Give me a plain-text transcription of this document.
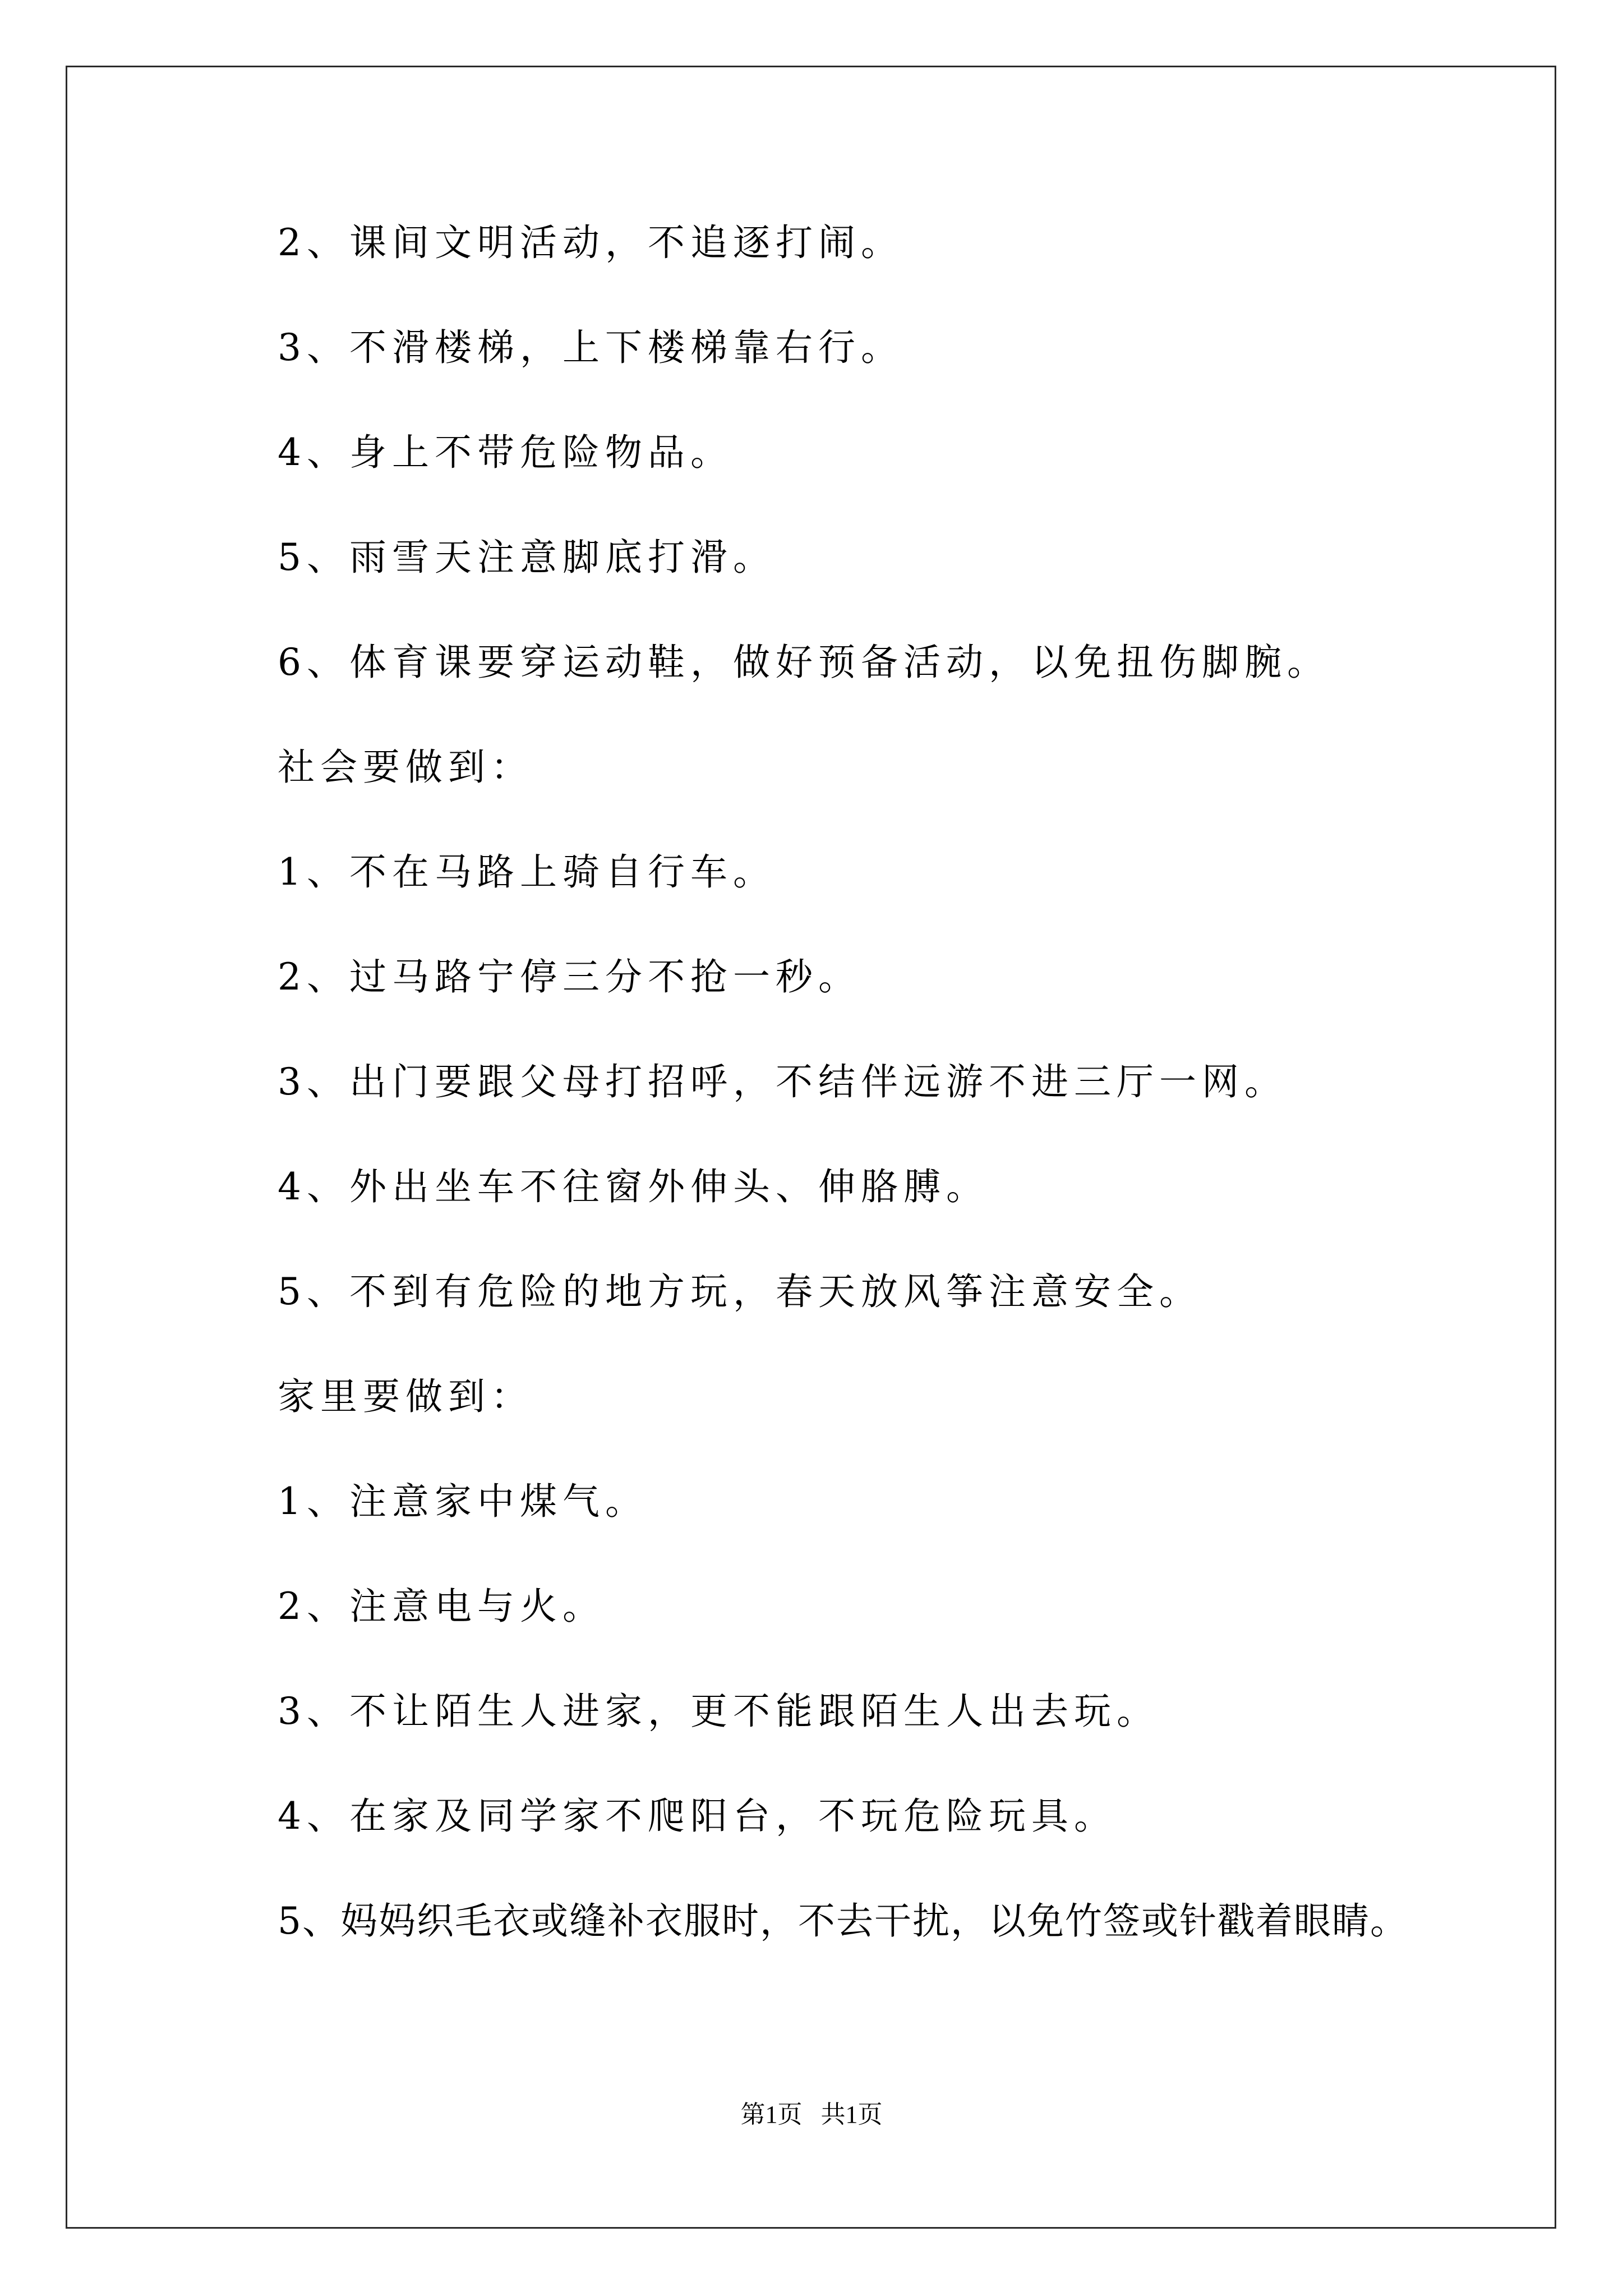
2、课间文明活动，不追逐打闹。
3、不滑楼梯，上下楼梯靠右行。
4、身上不带危险物品。
5、雨雪天注意脚底打滑。
6、体育课要穿运动鞋，做好预备活动，以免扭伤脚腕。
社会要做到：
1、不在马路上骑自行车。
2、过马路宁停三分不抢一秒。
3、出门要跟父母打招呼，不结伴远游不进三厅一网。
4、外出坐车不往窗外伸头、伸胳膊。
5、不到有危险的地方玩，春天放风筝注意安全。
家里要做到：
1、注意家中煤气。
2、注意电与火。
3、不让陌生人进家，更不能跟陌生人出去玩。
4、在家及同学家不爬阳台，不玩危险玩具。
5、妈妈织毛衣或缝补衣服时，不去干扰，以免竹签或针戳着眼睛。
第1页   共1页
